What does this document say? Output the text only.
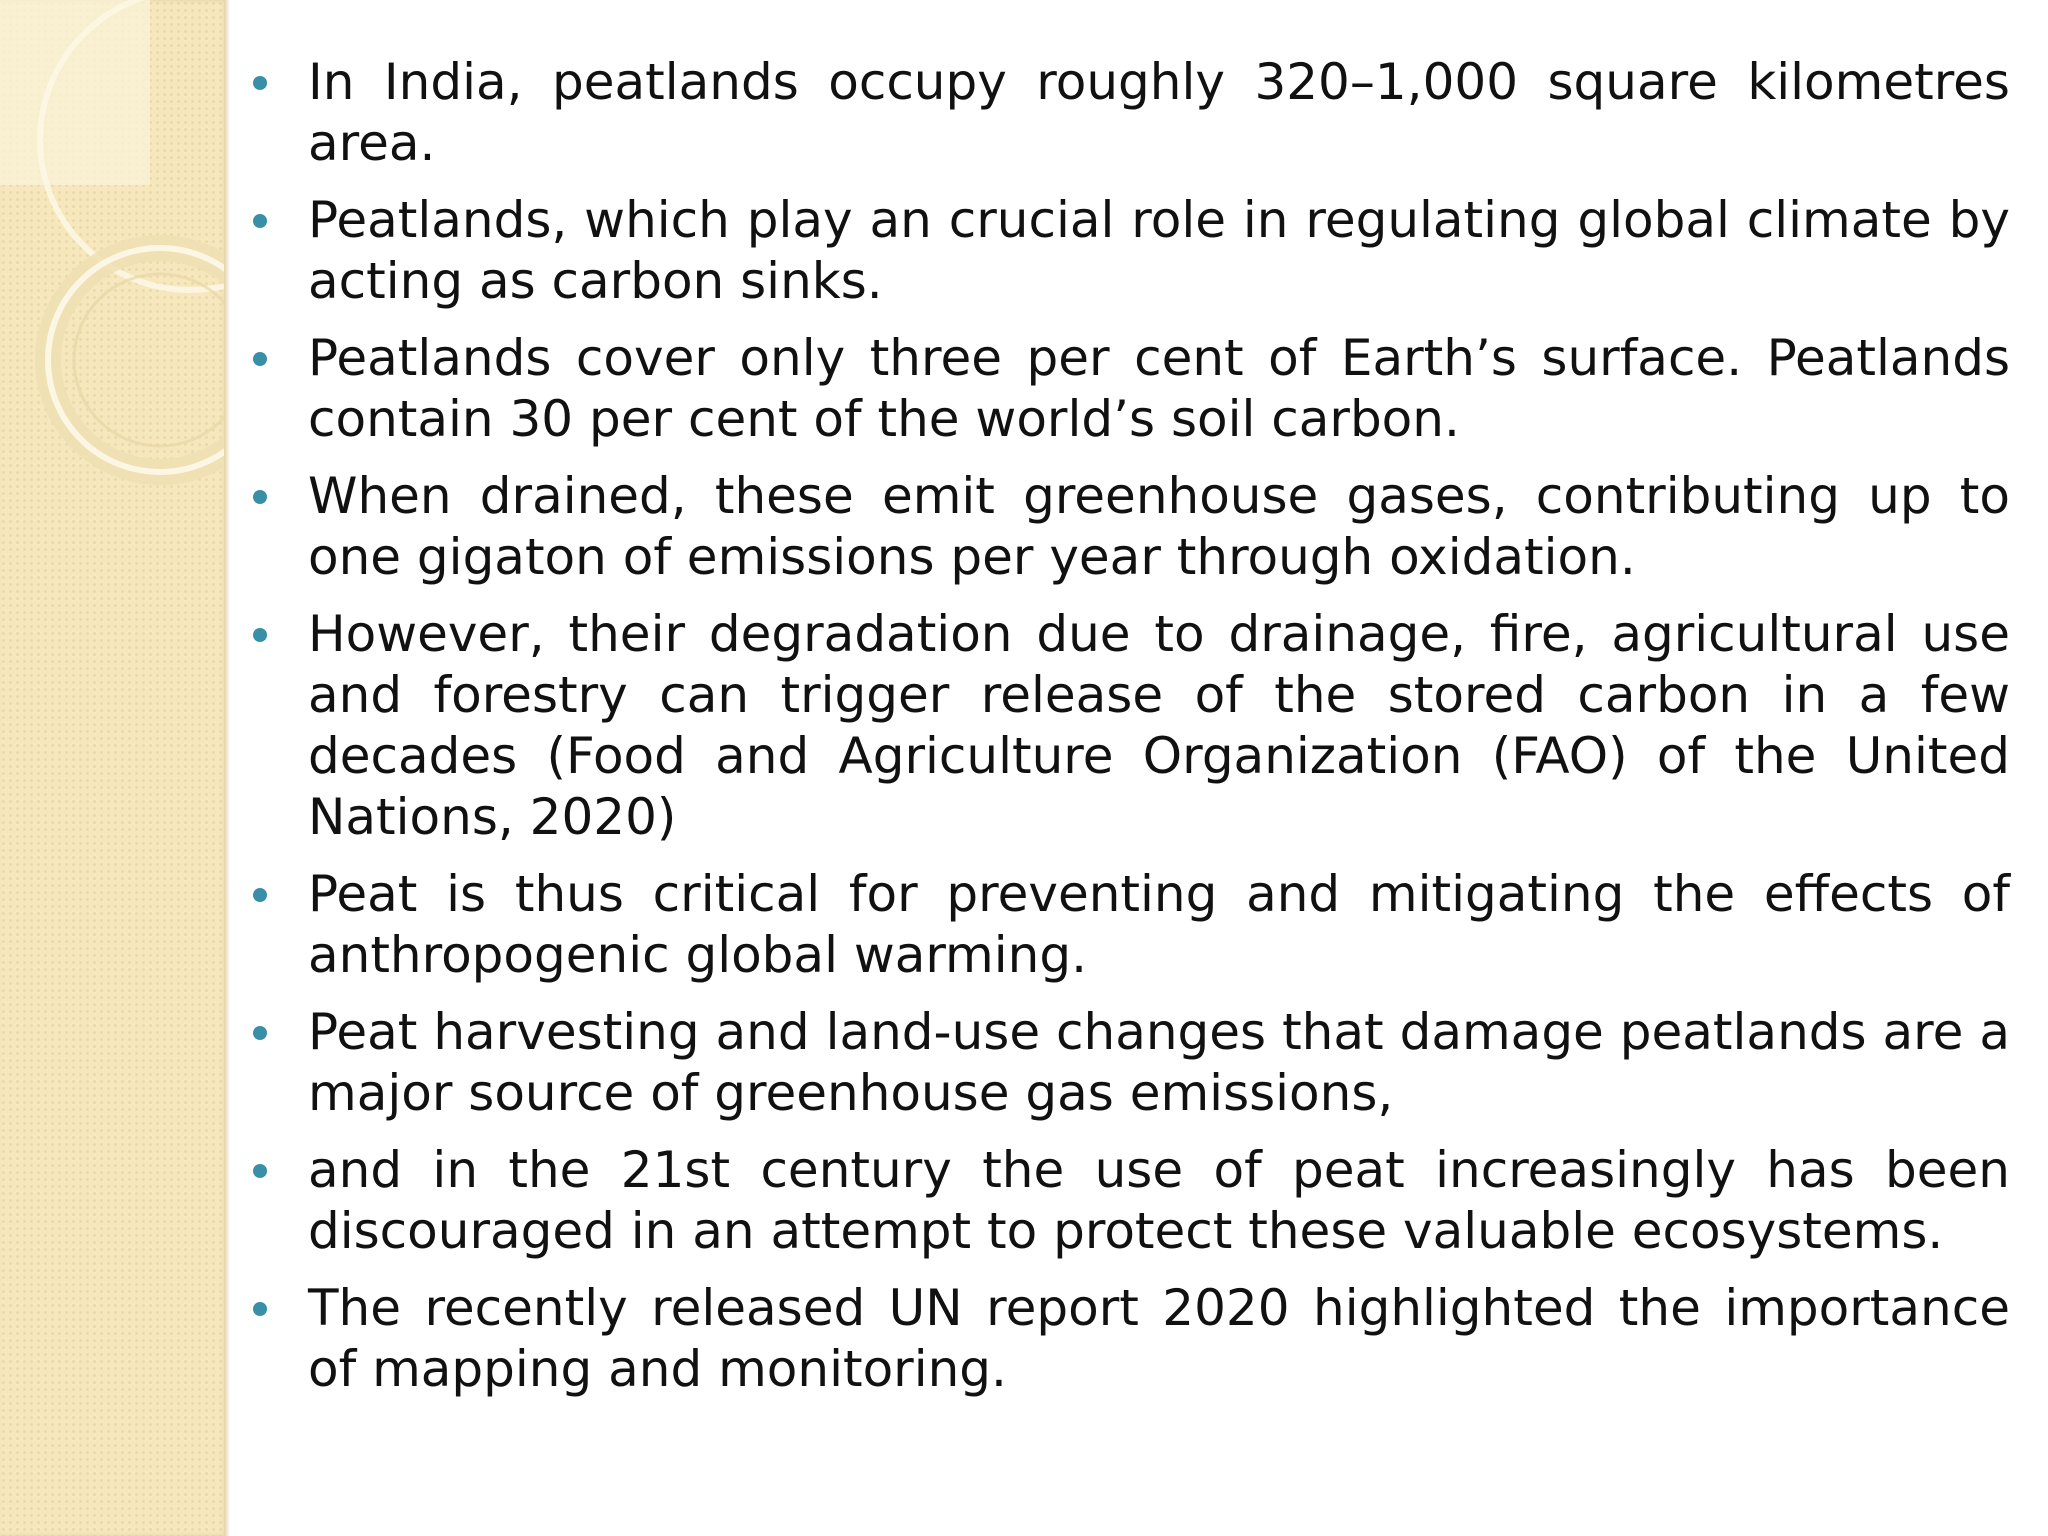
In India, peatlands occupy roughly 320–1,000 square kilometres area.
Peatlands, which play an crucial role in regulating global climate by acting as carbon sinks.
Peatlands cover only three per cent of Earth’s surface. Peatlands contain 30 per cent of the world’s soil carbon.
When drained, these emit greenhouse gases, contributing up to one gigaton of emissions per year through oxidation.
However, their degradation due to drainage, fire, agricultural use and forestry can trigger release of the stored carbon in a few decades (Food and Agriculture Organization (FAO) of the United Nations, 2020)
Peat is thus critical for preventing and mitigating the effects of anthropogenic global warming.
Peat harvesting and land-use changes that damage peatlands are a major source of greenhouse gas emissions,
and in the 21st century the use of peat increasingly has been discouraged in an attempt to protect these valuable ecosystems.
The recently released UN report 2020 highlighted the importance of mapping and monitoring.
